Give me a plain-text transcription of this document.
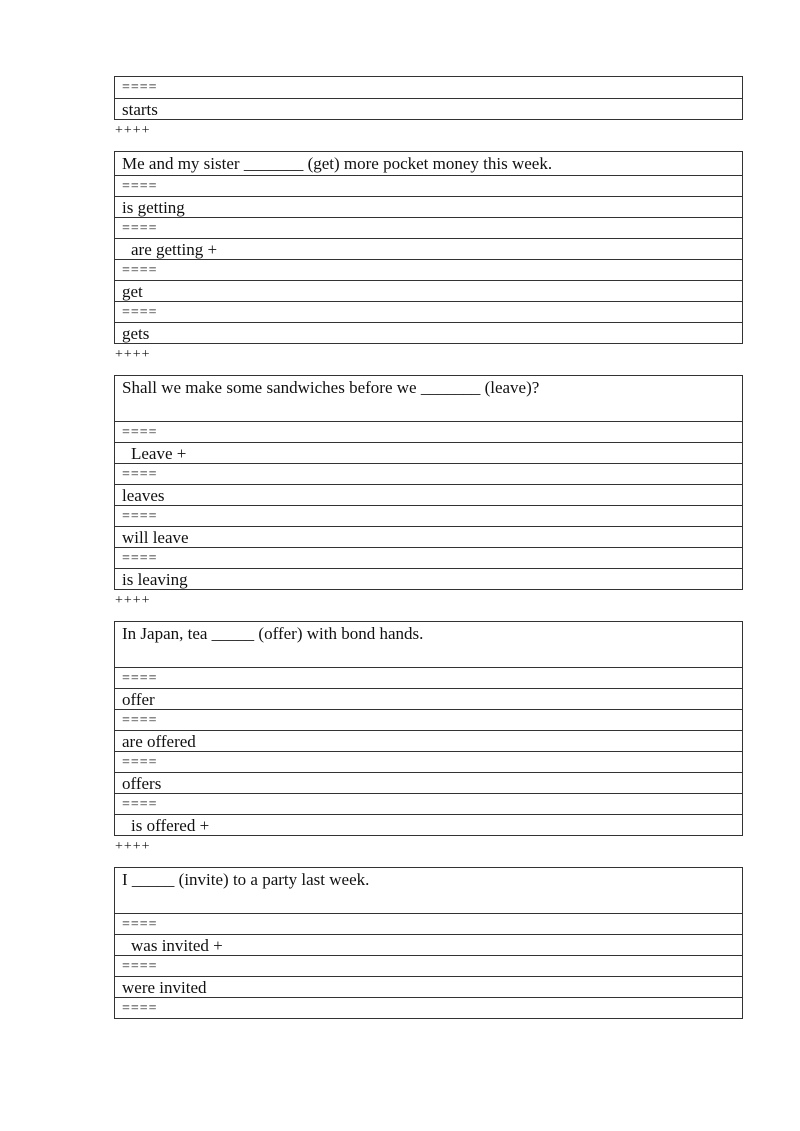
====
starts
++++
Me and my sister _______ (get) more pocket money this week.
====
is getting
====
are getting +
====
get
====
gets
++++
Shall we make some sandwiches before we _______ (leave)?
====
Leave +
====
leaves
====
will leave
====
is leaving
++++
In Japan, tea _____ (offer) with bond hands.
====
offer
====
are offered
====
offers
====
is offered +
++++
I _____ (invite) to a party last week.
====
was invited +
====
were invited
====
